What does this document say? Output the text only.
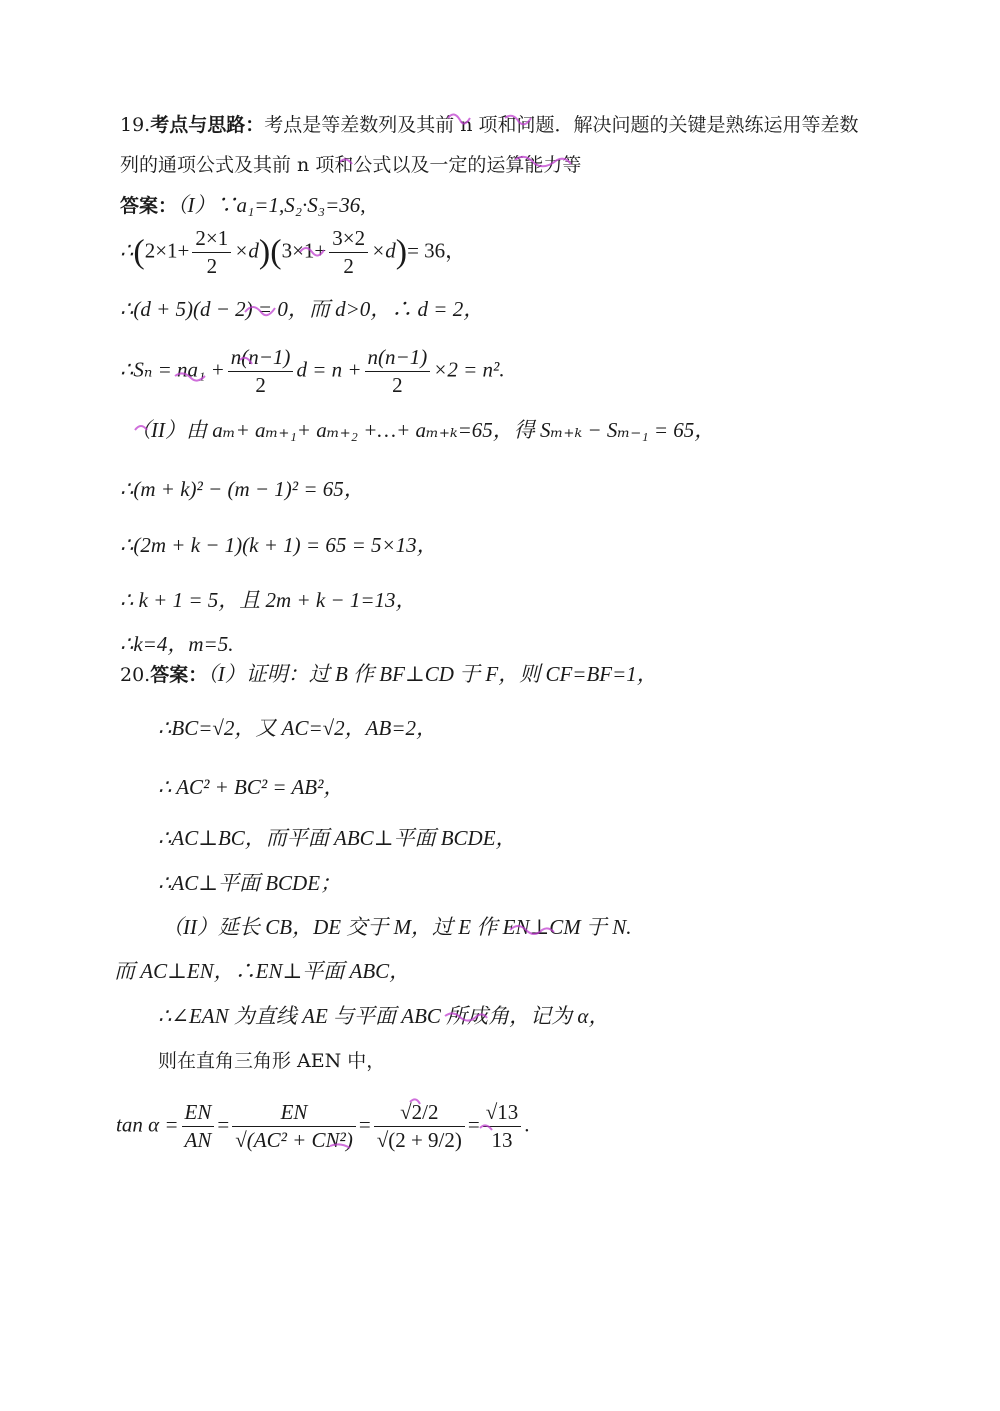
19.考点与思路：考点是等差数列及其前 n 项和问题．解决问题的关键是熟练运用等差数
列的通项公式及其前 n 项和公式以及一定的运算能力等
答案：（I）∵a₁=1,S₂·S₃=36,
∴(2×1+ $\frac{2\times 1}{2} \times d)(3\times 1+ \frac{3\times 2}{2} \times d)= 36$，
∴(d + 5)(d − 2) = 0，而 d>0，∴ d = 2，
∴Sₙ = $na_1 + \frac{n(n-1)}{2}$ $d = n + \frac{n(n-1)}{2} \times 2 = n^2$.
（II）由 aₘ+ aₘ₊₁+ aₘ₊₂ +…+ aₘ₊ₖ=65，得 Sₘ₊ₖ − Sₘ₋₁ = 65，
∴(m + k)² − (m − 1)² = 65，
∴(2m + k − 1)(k + 1) = 65 = 5×13，
∴ k + 1 = 5，且 2m + k − 1=13，
∴k=4，m=5.
20.答案：（I）证明：过 B 作 BF⊥CD 于 F，则 CF=BF=1，
∴BC=√2，又 AC=√2，AB=2，
∴ AC² + BC² = AB²，
∴AC⊥BC，而平面 ABC⊥平面 BCDE，
∴AC⊥平面 BCDE；
（II）延长 CB，DE 交于 M，过 E 作 EN⊥CM 于 N.
而 AC⊥EN，∴EN⊥平面 ABC，
∴∠EAN 为直线 AE 与平面 ABC 所成角，记为 α，
则在直角三角形 AEN 中，
$\tan \alpha = \frac{EN}{AN} = \frac{EN}{\text{√(AC² + CN²)}} = \frac{√2/2}{√(2 + 9/2)} = \frac{√13}{13}$ .
